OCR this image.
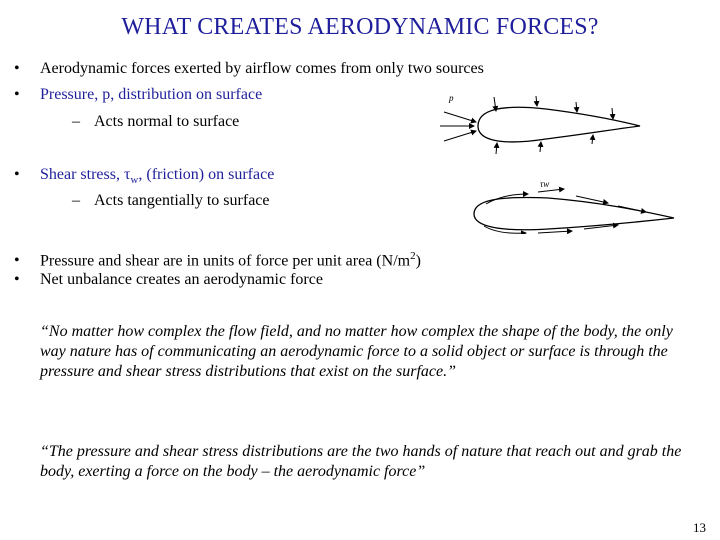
WHAT CREATES AERODYNAMIC FORCES?
• Aerodynamic forces exerted by airflow comes from only two sources
• Pressure, p, distribution on surface
– Acts normal to surface
• Shear stress, $\tau_w$, (friction) on surface
– Acts tangentially to surface
• Pressure and shear are in units of force per unit area $(N/m^2)$
• Net unbalance creates an aerodynamic force
p
τw
“No matter how complex the flow field, and no matter how complex the shape of the body, the only way nature has of communicating an aerodynamic force to a solid object or surface is through the pressure and shear stress distributions that exist on the surface.”
“The pressure and shear stress distributions are the two hands of nature that reach out and grab the body, exerting a force on the body – the aerodynamic force”
13
